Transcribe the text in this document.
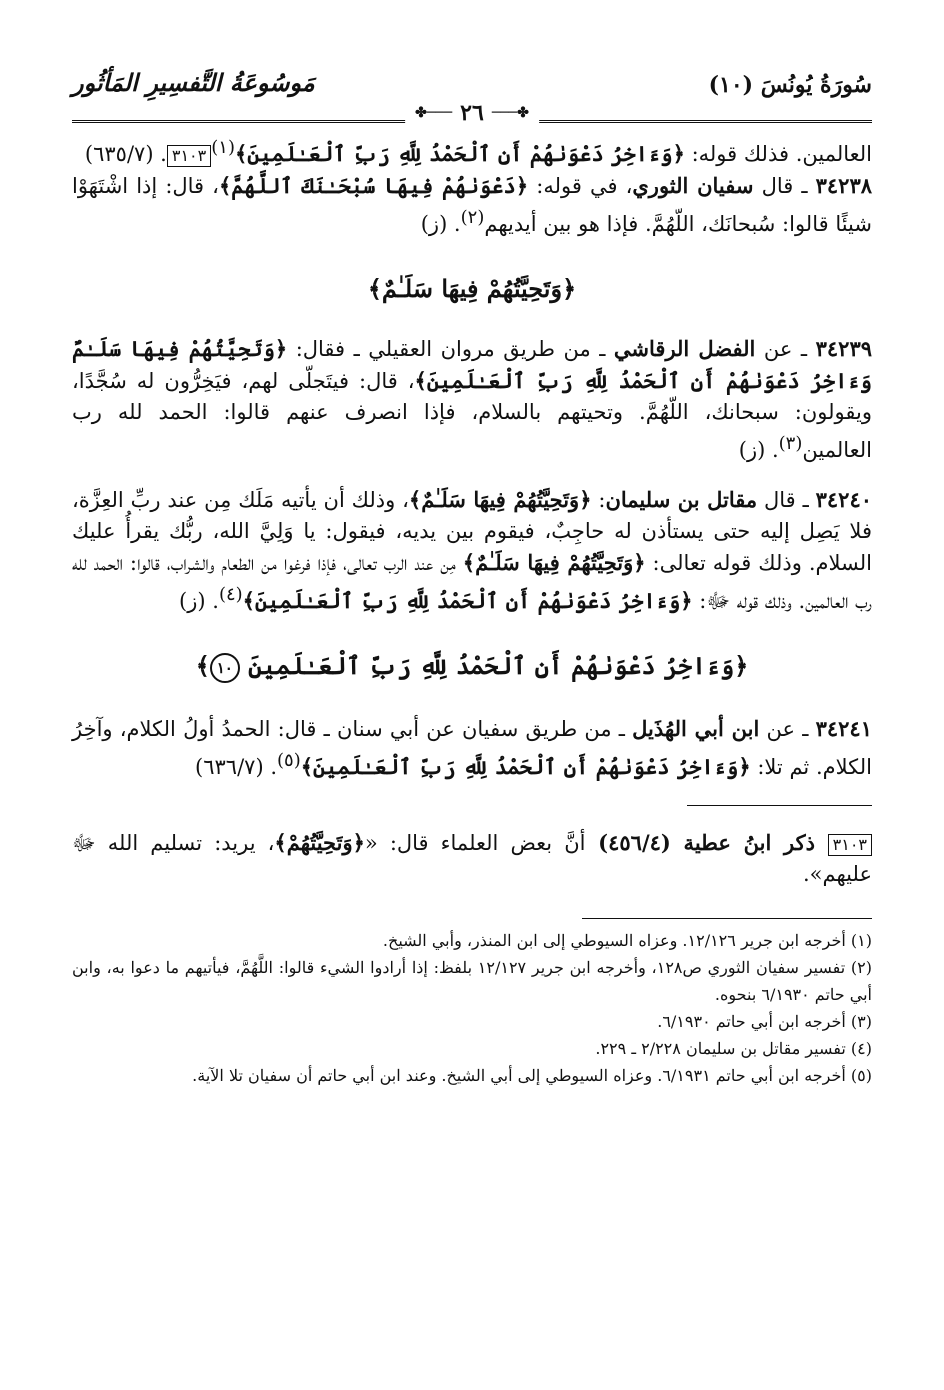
سُورَةُ يُونُسَ (١٠)
مَوسُوعَةُ التَّفسِيرِ المَأثُور
✤───
٢٦
───✤

العالمين. فذلك قوله: ﴿وَءَاخِرُ دَعْوَىٰهُمْ أَنِ ٱلْحَمْدُ لِلَّهِ رَبِّ ٱلْعَـٰلَمِينَ﴾$^{(١)}$٣١٠٣. (٦٣٥/٧)

٣٤٢٣٨ ـ قال سفيان الثوري، في قوله: ﴿دَعْوَىٰهُمْ فِيهَا سُبْحَـٰنَكَ ٱللَّهُمَّ﴾، قال: إذا اشْتَهَوْا شيئًا قالوا: سُبحانَك، اللّهُمَّ. فإذا هو بين أيديهم$^{(٢)}$. (ز)

﴿وَتَحِيَّتُهُمْ فِيهَا سَلَـٰمٌ﴾

٣٤٢٣٩ ـ عن الفضل الرقاشي ـ من طريق مروان العقيلي ـ فقال: ﴿وَتَحِيَّتُهُمْ فِيهَا سَلَـٰمٌ وَءَاخِرُ دَعْوَىٰهُمْ أَنِ ٱلْحَمْدُ لِلَّهِ رَبِّ ٱلْعَـٰلَمِينَ﴾، قال: فيتَجلّى لهم، فيَخِرُّون له سُجَّدًا، ويقولون: سبحانك، اللّهُمَّ. وتحيتهم بالسلام، فإذا انصرف عنهم قالوا: الحمد لله رب العالمين$^{(٣)}$. (ز)

٣٤٢٤٠ ـ قال مقاتل بن سليمان: ﴿وَتَحِيَّتُهُمْ فِيهَا سَلَـٰمٌ﴾، وذلك أن يأتيه مَلَك مِن عند ربِّ العِزَّة، فلا يَصِل إليه حتى يستأذن له حاجِبٌ، فيقوم بين يديه، فيقول: يا وَلِيَّ الله، ربُّك يقرأُ عليك السلام. وذلك قوله تعالى: ﴿وَتَحِيَّتُهُمْ فِيهَا سَلَـٰمٌ﴾ مِن عند الرب تعالى، فإذا فرغوا من الطعام والشراب، قالوا: الحمد لله رب العالمين. وذلك قوله ﷻ: ﴿وَءَاخِرُ دَعْوَىٰهُمْ أَنِ ٱلْحَمْدُ لِلَّهِ رَبِّ ٱلْعَـٰلَمِينَ﴾$^{(٤)}$. (ز)

﴿وَءَاخِرُ دَعْوَىٰهُمْ أَنِ ٱلْحَمْدُ لِلَّهِ رَبِّ ٱلْعَـٰلَمِينَ ١٠﴾

٣٤٢٤١ ـ عن ابن أبي الهُذَيل ـ من طريق سفيان عن أبي سنان ـ قال: الحمدُ أولُ الكلام، وآخِرُ الكلام. ثم تلا: ﴿وَءَاخِرُ دَعْوَىٰهُمْ أَنِ ٱلْحَمْدُ لِلَّهِ رَبِّ ٱلْعَـٰلَمِينَ﴾$^{(٥)}$. (٦٣٦/٧)

٣١٠٣ ذكر ابنُ عطية (٤٥٦/٤) أنَّ بعض العلماء قال: «﴿وَتَحِيَّتُهُمْ﴾، يريد: تسليم الله ﷻ عليهم».

(١) أخرجه ابن جرير ١٢/١٢٦. وعزاه السيوطي إلى ابن المنذر، وأبي الشيخ.

(٢) تفسير سفيان الثوري ص١٢٨، وأخرجه ابن جرير ١٢/١٢٧ بلفظ: إذا أرادوا الشيء قالوا: اللَّهُمَّ، فيأتيهم ما دعوا به، وابن أبي حاتم ٦/١٩٣٠ بنحوه.

(٣) أخرجه ابن أبي حاتم ٦/١٩٣٠.

(٤) تفسير مقاتل بن سليمان ٢/٢٢٨ ـ ٢٢٩.

(٥) أخرجه ابن أبي حاتم ٦/١٩٣١. وعزاه السيوطي إلى أبي الشيخ. وعند ابن أبي حاتم أن سفيان تلا الآية.
